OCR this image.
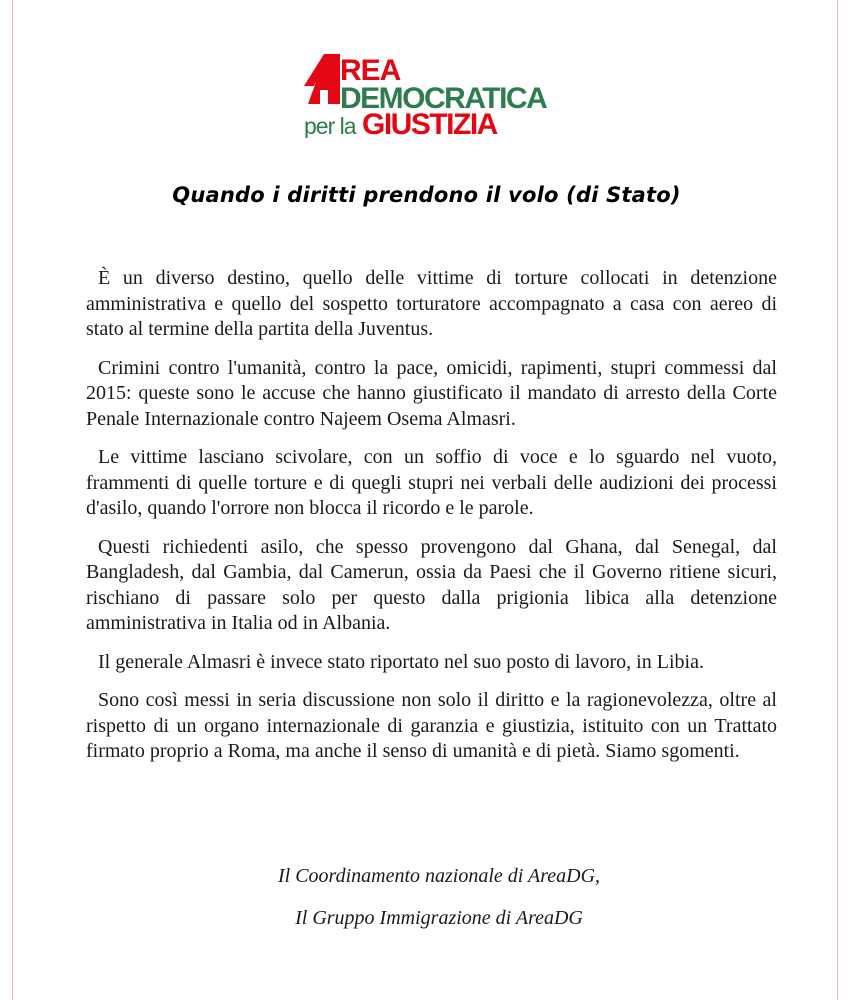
REA
DEMOCRATICA
per la GIUSTIZIA
Quando i diritti prendono il volo (di Stato)

È un diverso destino, quello delle vittime di torture collocati in detenzione amministrativa e quello del sospetto torturatore accompagnato a casa con aereo di stato al termine della partita della Juventus.

Crimini contro l'umanità, contro la pace, omicidi, rapimenti, stupri commessi dal 2015: queste sono le accuse che hanno giustificato il mandato di arresto della Corte Penale Internazionale contro Najeem Osema Almasri.

Le vittime lasciano scivolare, con un soffio di voce e lo sguardo nel vuoto, frammenti di quelle torture e di quegli stupri nei verbali delle audizioni dei processi d'asilo, quando l'orrore non blocca il ricordo e le parole.

Questi richiedenti asilo, che spesso provengono dal Ghana, dal Senegal, dal Bangladesh, dal Gambia, dal Camerun, ossia da Paesi che il Governo ritiene sicuri, rischiano di passare solo per questo dalla prigionia libica alla detenzione amministrativa in Italia od in Albania.

Il generale Almasri è invece stato riportato nel suo posto di lavoro, in Libia.

Sono così messi in seria discussione non solo il diritto e la ragionevolezza, oltre al rispetto di un organo internazionale di garanzia e giustizia, istituito con un Trattato firmato proprio a Roma, ma anche il senso di umanità e di pietà. Siamo sgomenti.

Il Coordinamento nazionale di AreaDG,
Il Gruppo Immigrazione di AreaDG
